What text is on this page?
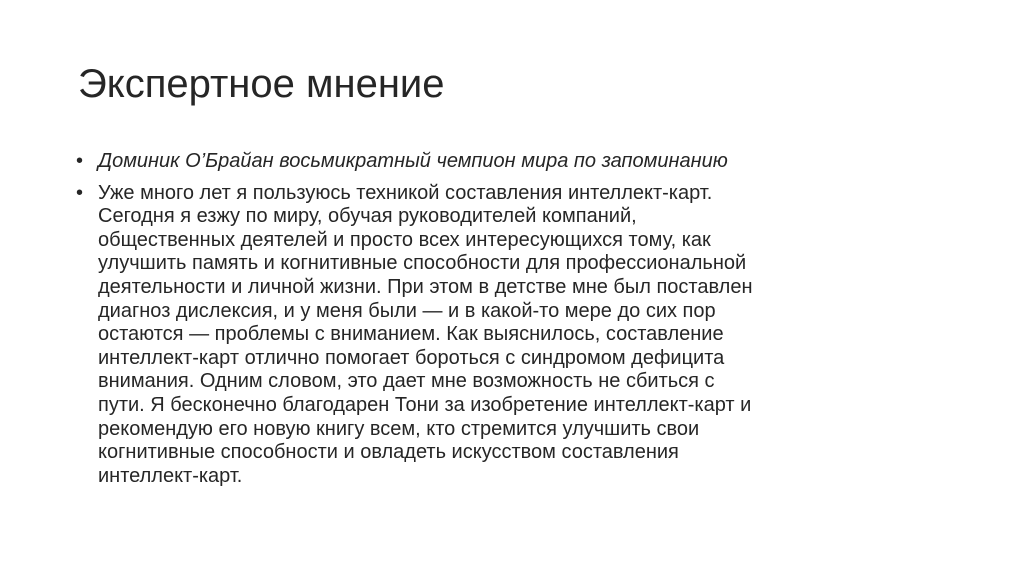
Экспертное мнение
• Доминик О’Брайан восьмикратный чемпион мира по запоминанию
• Уже много лет я пользуюсь техникой составления интеллект-карт.
Сегодня я езжу по миру, обучая руководителей компаний,
общественных деятелей и просто всех интересующихся тому, как
улучшить память и когнитивные способности для профессиональной
деятельности и личной жизни. При этом в детстве мне был поставлен
диагноз дислексия, и у меня были — и в какой-то мере до сих пор
остаются — проблемы с вниманием. Как выяснилось, составление
интеллект-карт отлично помогает бороться с синдромом дефицита
внимания. Одним словом, это дает мне возможность не сбиться с
пути. Я бесконечно благодарен Тони за изобретение интеллект-карт и
рекомендую его новую книгу всем, кто стремится улучшить свои
когнитивные способности и овладеть искусством составления
интеллект-карт.
